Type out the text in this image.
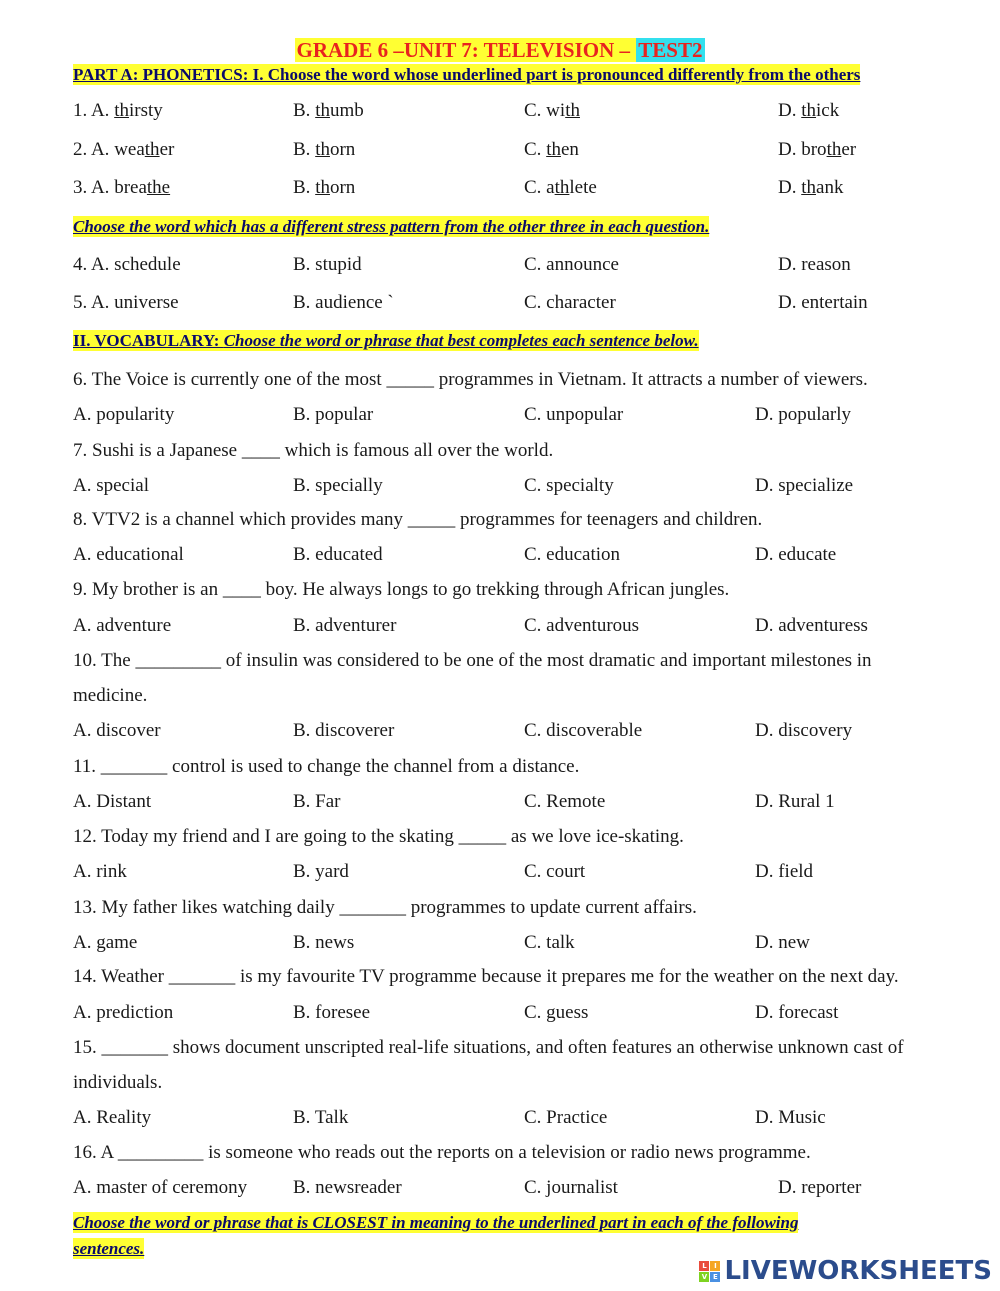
GRADE 6 –UNIT 7: TELEVISION – TEST2
PART A: PHONETICS: I. Choose the word whose underlined part is pronounced differently from the others
1. A. thirsty	B. thumb	C. with	D. thick
2. A. weather	B. thorn	C. then	D. brother
3. A. breathe	B. thorn	C. athlete	D. thank
Choose the word which has a different stress pattern from the other three in each question.
4. A. schedule	B. stupid	C. announce	D. reason
5. A. universe	B. audience `	C. character	D. entertain
II. VOCABULARY: Choose the word or phrase that best completes each sentence below.
6. The Voice is currently one of the most _____ programmes in Vietnam. It attracts a number of viewers.
A. popularity	B. popular	C. unpopular	D. popularly
7. Sushi is a Japanese ____ which is famous all over the world.
A. special	B. specially	C. specialty	D. specialize
8. VTV2 is a channel which provides many _____ programmes for teenagers and children.
A. educational	B. educated	C. education	D. educate
9. My brother is an ____ boy. He always longs to go trekking through African jungles.
A. adventure	B. adventurer	C. adventurous	D. adventuress
10. The _________ of insulin was considered to be one of the most dramatic and important milestones in
medicine.
A. discover	B. discoverer	C. discoverable	D. discovery
11. _______ control is used to change the channel from a distance.
A. Distant	B. Far	C. Remote	D. Rural 1
12. Today my friend and I are going to the skating _____ as we love ice-skating.
A. rink	B. yard	C. court	D. field
13. My father likes watching daily _______ programmes to update current affairs.
A. game	B. news	C. talk	D. new
14. Weather _______ is my favourite TV programme because it prepares me for the weather on the next day.
A. prediction	B. foresee	C. guess	D. forecast
15. _______ shows document unscripted real-life situations, and often features an otherwise unknown cast of
individuals.
A. Reality	B. Talk	C. Practice	D. Music
16. A _________ is someone who reads out the reports on a television or radio news programme.
A. master of ceremony B. newsreader	C. journalist	D. reporter
Choose the word or phrase that is CLOSEST in meaning to the underlined part in each of the following
sentences.
L	I
V E LIVEWORKSHEETS
